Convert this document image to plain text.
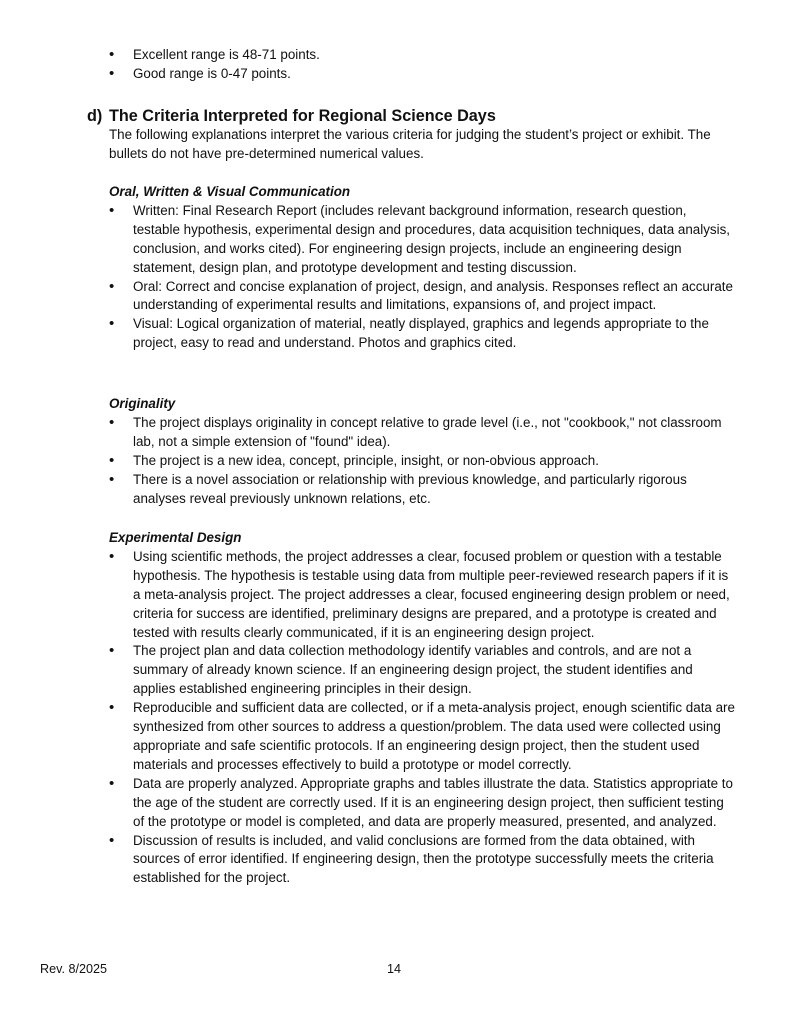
• Excellent range is 48-71 points.
• Good range is 0-47 points.
d) The Criteria Interpreted for Regional Science Days
The following explanations interpret the various criteria for judging the student’s project or exhibit. The bullets do not have pre-determined numerical values.
Oral, Written & Visual Communication
• Written: Final Research Report (includes relevant background information, research question, testable hypothesis, experimental design and procedures, data acquisition techniques, data analysis, conclusion, and works cited). For engineering design projects, include an engineering design statement, design plan, and prototype development and testing discussion.
• Oral: Correct and concise explanation of project, design, and analysis. Responses reflect an accurate understanding of experimental results and limitations, expansions of, and project impact.
• Visual: Logical organization of material, neatly displayed, graphics and legends appropriate to the project, easy to read and understand. Photos and graphics cited.
Originality
• The project displays originality in concept relative to grade level (i.e., not "cookbook," not classroom lab, not a simple extension of "found" idea).
• The project is a new idea, concept, principle, insight, or non-obvious approach.
• There is a novel association or relationship with previous knowledge, and particularly rigorous analyses reveal previously unknown relations, etc.
Experimental Design
• Using scientific methods, the project addresses a clear, focused problem or question with a testable hypothesis. The hypothesis is testable using data from multiple peer-reviewed research papers if it is a meta-analysis project. The project addresses a clear, focused engineering design problem or need, criteria for success are identified, preliminary designs are prepared, and a prototype is created and tested with results clearly communicated, if it is an engineering design project.
• The project plan and data collection methodology identify variables and controls, and are not a summary of already known science. If an engineering design project, the student identifies and applies established engineering principles in their design.
• Reproducible and sufficient data are collected, or if a meta-analysis project, enough scientific data are synthesized from other sources to address a question/problem. The data used were collected using appropriate and safe scientific protocols. If an engineering design project, then the student used materials and processes effectively to build a prototype or model correctly.
• Data are properly analyzed. Appropriate graphs and tables illustrate the data. Statistics appropriate to the age of the student are correctly used. If it is an engineering design project, then sufficient testing of the prototype or model is completed, and data are properly measured, presented, and analyzed.
• Discussion of results is included, and valid conclusions are formed from the data obtained, with sources of error identified. If engineering design, then the prototype successfully meets the criteria established for the project.
Rev. 8/2025	14
